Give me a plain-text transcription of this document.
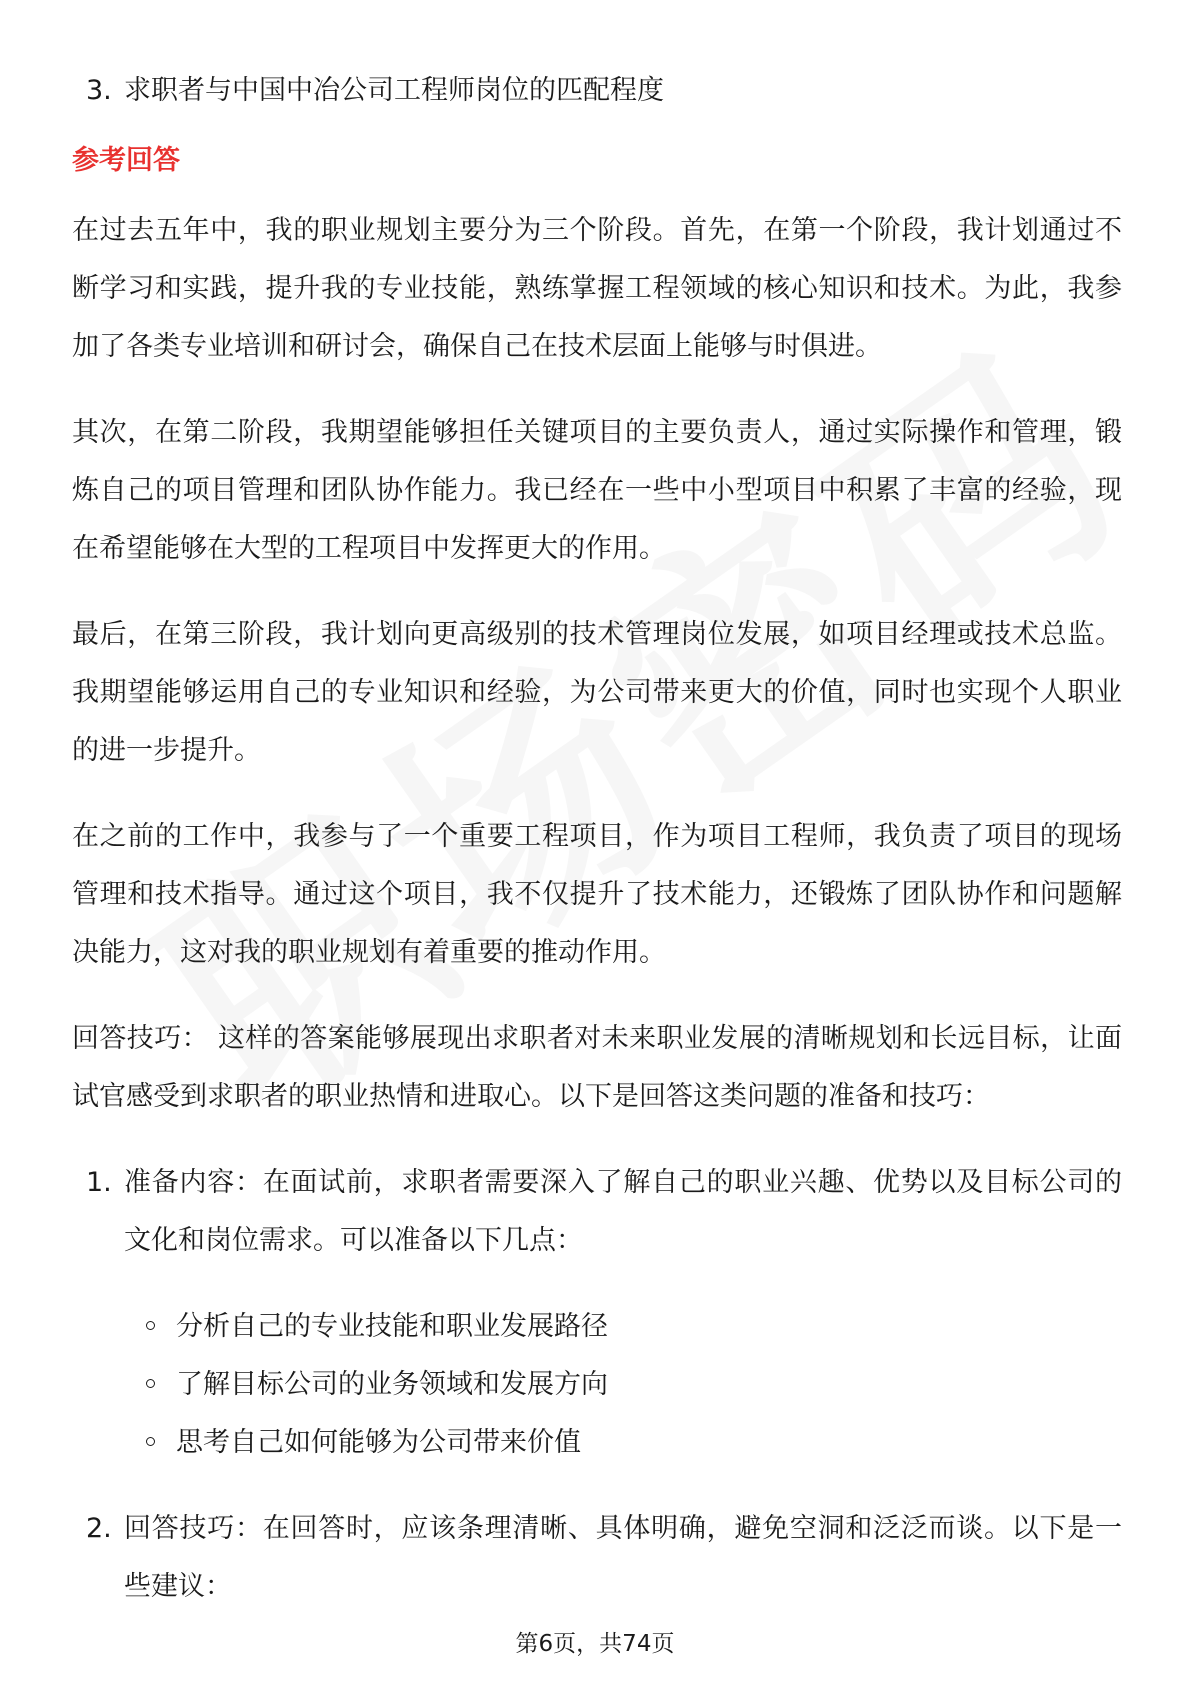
3. 求职者与中国中冶公司工程师岗位的匹配程度
参考回答

在过去五年中，我的职业规划主要分为三个阶段。首先，在第一个阶段，我计划通过不断学习和实践，提升我的专业技能，熟练掌握工程领域的核心知识和技术。为此，我参加了各类专业培训和研讨会，确保自己在技术层面上能够与时俱进。

其次，在第二阶段，我期望能够担任关键项目的主要负责人，通过实际操作和管理，锻炼自己的项目管理和团队协作能力。我已经在一些中小型项目中积累了丰富的经验，现在希望能够在大型的工程项目中发挥更大的作用。

最后，在第三阶段，我计划向更高级别的技术管理岗位发展，如项目经理或技术总监。我期望能够运用自己的专业知识和经验，为公司带来更大的价值，同时也实现个人职业的进一步提升。

在之前的工作中，我参与了一个重要工程项目，作为项目工程师，我负责了项目的现场管理和技术指导。通过这个项目，我不仅提升了技术能力，还锻炼了团队协作和问题解决能力，这对我的职业规划有着重要的推动作用。

回答技巧： 这样的答案能够展现出求职者对未来职业发展的清晰规划和长远目标，让面试官感受到求职者的职业热情和进取心。以下是回答这类问题的准备和技巧：

1. 准备内容：在面试前，求职者需要深入了解自己的职业兴趣、优势以及目标公司的文化和岗位需求。可以准备以下几点：
分析自己的专业技能和职业发展路径
了解目标公司的业务领域和发展方向
思考自己如何能够为公司带来价值
2. 回答技巧：在回答时，应该条理清晰、具体明确，避免空洞和泛泛而谈。以下是一些建议：
第6页，共74页
